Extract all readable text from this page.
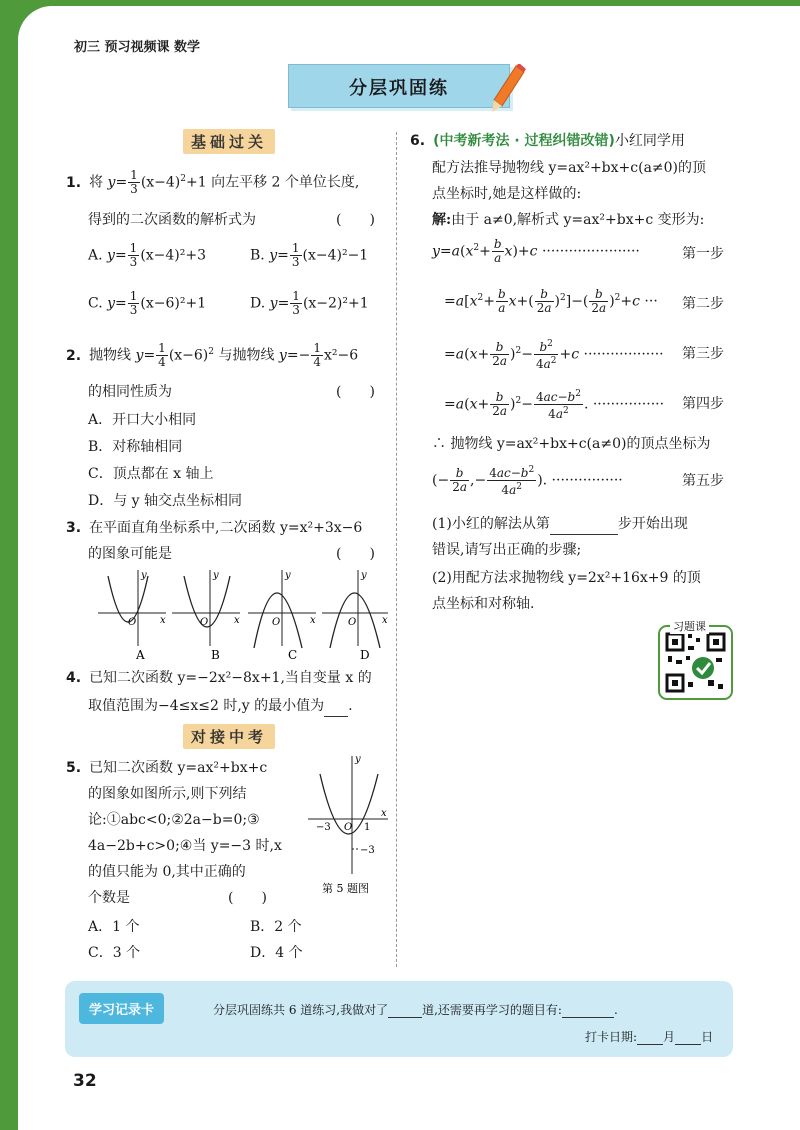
初三 预习视频课 数学
分层巩固练
基础过关
1. 将 $y= \frac{1}{3} (x-4)^2+1$ 向左平移 2 个单位长度,
得到的二次函数的解析式为	(　　)
A. $y= \frac{1}{3} (x-4)^2+3$	B. $y= \frac{1}{3} (x-4)^2-1$
C. $y= \frac{1}{3} (x-6)^2+1$	D. $y= \frac{1}{3} (x-2)^2+1$
2. 抛物线 $y= \frac{1}{4} (x-6)^2$ 与抛物线 $y=- \frac{1}{4} x^2-6$
的相同性质为	(　　)
A．开口大小相同
B．对称轴相同
C．顶点都在 x 轴上
D．与 y 轴交点坐标相同
3. 在平面直角坐标系中,二次函数 y=x²+3x−6
的图象可能是	(　　)
y
x
O
y
x
O
y
x
O
y
x
O
A	B	C	D
4. 已知二次函数 y=−2x²−8x+1,当自变量 x 的
取值范围为−4≤x≤2 时,y 的最小值为 .
对接中考
5. 已知二次函数 y=ax²+bx+c
的图象如图所示,则下列结
论:①abc<0;②2a−b=0;③
4a−2b+c>0;④当 y=−3 时,x
的值只能为 0,其中正确的
个数是	(　　)
A．1 个	B．2 个
C．3 个	D．4 个
y
x
−3 O 1
−3
第 5 题图
6. (中考新考法 · 过程纠错改错)小红同学用
配方法推导抛物线 y=ax²+bx+c(a≠0)的顶
点坐标时,她是这样做的:
解:由于 a≠0,解析式 y=ax²+bx+c 变形为:
$y=a(x^2+ \frac{b}{a} x)+c$ ······················	第一步
$=a[x^2+ \frac{b}{a} x+( \frac{b}{2a} )^2]-( \frac{b}{2a} )^2+c$ ··· 第二步
$=a(x+ \frac{b}{2a} )^2- \frac{b^2}{4a^2} +c$ ·················· 第三步
$=a(x+ \frac{b}{2a} )^2- \frac{4ac-b^2}{4a^2}$ . ················ 第四步
∴ 抛物线 y=ax²+bx+c(a≠0)的顶点坐标为
(− $\frac{b}{2a}$ ,− $\frac{4ac-b^2}{4a^2}$ ). ················	第五步
(1)小红的解法从第	步开始出现
错误,请写出正确的步骤;
(2)用配方法求抛物线 y=2x²+16x+9 的顶
点坐标和对称轴.
习题课
学习记录卡	分层巩固练共 6 道练习,我做对了	道,还需要再学习的题目有:	.
打卡日期: 月 日
32
